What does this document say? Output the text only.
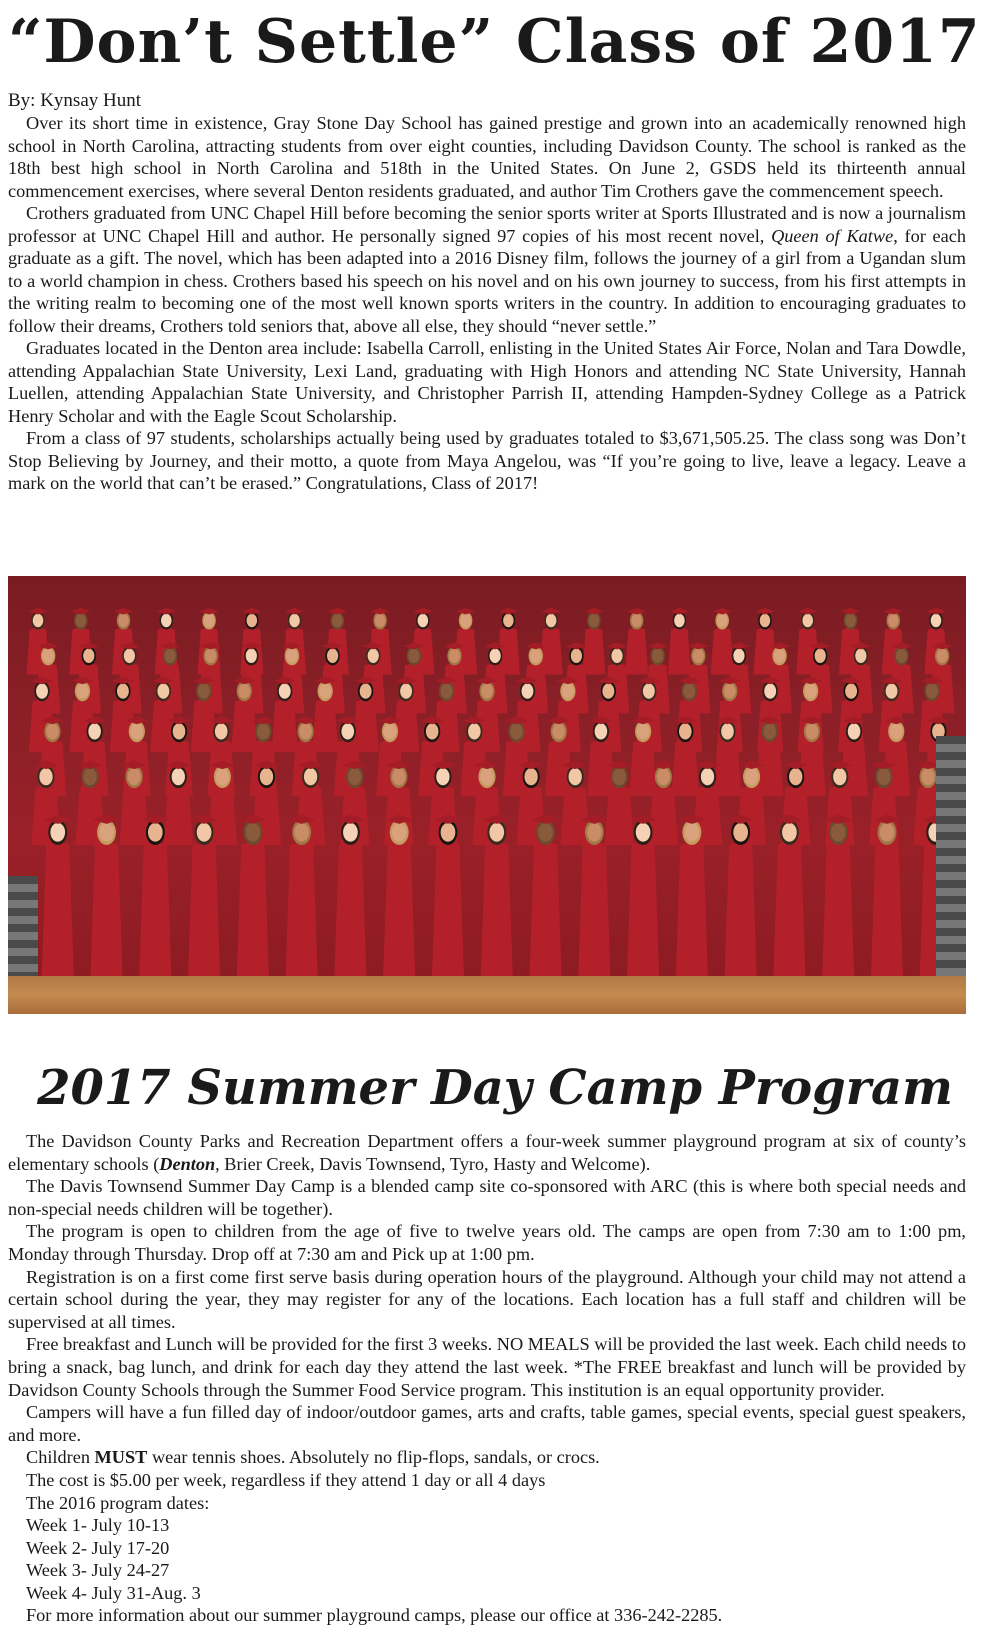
“Don’t Settle” Class of 2017
By: Kynsay Hunt

Over its short time in existence, Gray Stone Day School has gained prestige and grown into an academically renowned high school in North Carolina, attracting students from over eight counties, including Davidson County. The school is ranked as the 18th best high school in North Carolina and 518th in the United States. On June 2, GSDS held its thirteenth annual commencement exercises, where several Denton residents graduated, and author Tim Crothers gave the commencement speech.

Crothers graduated from UNC Chapel Hill before becoming the senior sports writer at Sports Illustrated and is now a journalism professor at UNC Chapel Hill and author. He personally signed 97 copies of his most recent novel, Queen of Katwe, for each graduate as a gift. The novel, which has been adapted into a 2016 Disney film, follows the journey of a girl from a Ugandan slum to a world champion in chess. Crothers based his speech on his novel and on his own journey to success, from his first attempts in the writing realm to becoming one of the most well known sports writers in the country. In addition to encouraging graduates to follow their dreams, Crothers told seniors that, above all else, they should “never settle.”

Graduates located in the Denton area include: Isabella Carroll, enlisting in the United States Air Force, Nolan and Tara Dowdle, attending Appalachian State University, Lexi Land, graduating with High Honors and attending NC State University, Hannah Luellen, attending Appalachian State University, and Christopher Parrish II, attending Hampden-Sydney College as a Patrick Henry Scholar and with the Eagle Scout Scholarship.

From a class of 97 students, scholarships actually being used by graduates totaled to $3,671,505.25. The class song was Don’t Stop Believing by Journey, and their motto, a quote from Maya Angelou, was “If you’re going to live, leave a legacy. Leave a mark on the world that can’t be erased.” Congratulations, Class of 2017!

2017 Summer Day Camp Program

The Davidson County Parks and Recreation Department offers a four-week summer playground program at six of county’s elementary schools (Denton, Brier Creek, Davis Townsend, Tyro, Hasty and Welcome).

The Davis Townsend Summer Day Camp is a blended camp site co-sponsored with ARC (this is where both special needs and non-special needs children will be together).

The program is open to children from the age of five to twelve years old. The camps are open from 7:30 am to 1:00 pm, Monday through Thursday. Drop off at 7:30 am and Pick up at 1:00 pm.

Registration is on a first come first serve basis during operation hours of the playground. Although your child may not attend a certain school during the year, they may register for any of the locations. Each location has a full staff and children will be supervised at all times.

Free breakfast and Lunch will be provided for the first 3 weeks. NO MEALS will be provided the last week. Each child needs to bring a snack, bag lunch, and drink for each day they attend the last week. *The FREE breakfast and lunch will be provided by Davidson County Schools through the Summer Food Service program. This institution is an equal opportunity provider.

Campers will have a fun filled day of indoor/outdoor games, arts and crafts, table games, special events, special guest speakers, and more.

Children MUST wear tennis shoes. Absolutely no flip-flops, sandals, or crocs.

The cost is $5.00 per week, regardless if they attend 1 day or all 4 days

The 2016 program dates:

Week 1- July 10-13
Week 2- July 17-20
Week 3- July 24-27
Week 4- July 31-Aug. 3

For more information about our summer playground camps, please our office at 336-242-2285.
